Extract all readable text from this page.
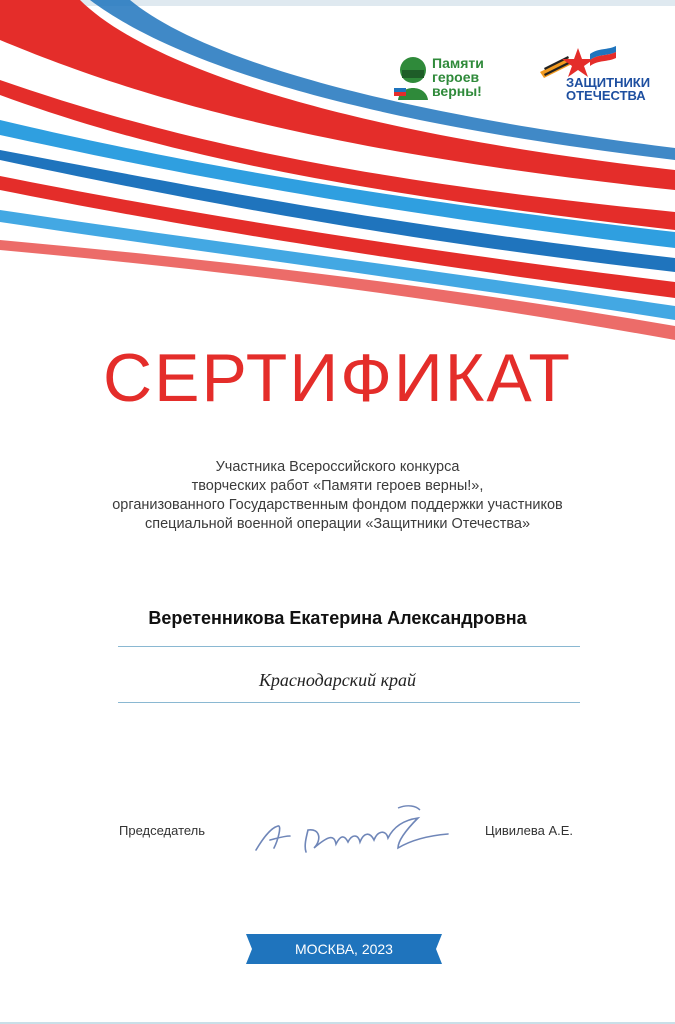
Памяти
героев
верны!
ЗАЩИТНИКИ
ОТЕЧЕСТВА
СЕРТИФИКАТ
Участника Всероссийского конкурса
творческих работ «Памяти героев верны!»,
организованного Государственным фондом поддержки участников
специальной военной операции «Защитники Отечества»
Веретенникова Екатерина Александровна
Краснодарский край
Председатель	Цивилева А.Е.
МОСКВА, 2023
